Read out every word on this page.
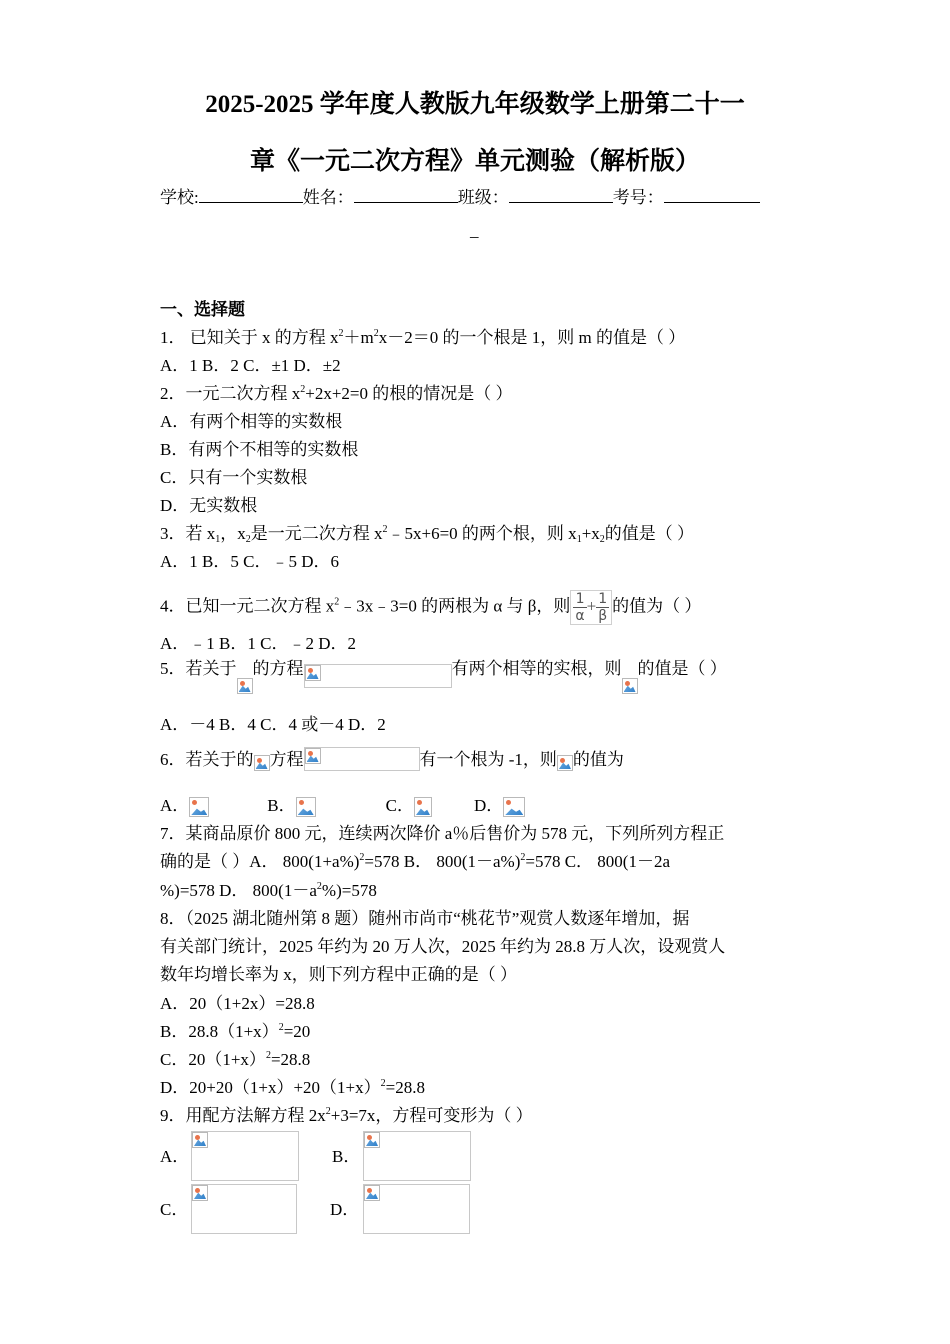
2025-2025 学年度人教版九年级数学上册第二十一
章《一元二次方程》单元测验（解析版）
学校:	姓名：	班级：	考号：
_
一、选择题
1． 已知关于 x 的方程 $x^2+m^2x-2=0$ 的一个根是 1，则 m 的值是（ ）
A．1 B．2 C．±1 D．±2
2．一元二次方程 $x^2+2x+2=0$ 的根的情况是（ ）
A．有两个相等的实数根
B．有两个不相等的实数根
C．只有一个实数根
D．无实数根
3．若 $x_1$，$x_2$是一元二次方程 $x^2﹣5x+6=0$ 的两个根，则 $x_1+x_2$的值是（ ）
A．1 B．5 C．﹣5 D．6
4．已知一元二次方程 $x^2﹣3x﹣3=0$ 的两根为 α 与 β，则 $\frac{1}{\alpha} + \frac{1}{\beta}$ 的值为（ ）
A．﹣1 B．1 C．﹣2 D．2
5．若关于 的方程	有两个相等的实根，则 的值是（ ）
A．－4 B．4 C．4 或－4 D．2
6．若关于的 方程	有一个根为 -1，则 的值为
A．	B．	C．	D．
7．某商品原价 800 元，连续两次降价 a％后售价为 578 元，下列所列方程正
确的是（ ）A． $800(1+a\%)^2=578$ B． $800(1-a\%)^2=578$ C． 800(1－2a
%)=578 D． $800(1-a^2\%)=578$
8．（2025 湖北随州第 8 题）随州市尚市“桃花节”观赏人数逐年增加，据
有关部门统计，2025 年约为 20 万人次，2025 年约为 28.8 万人次，设观赏人
数年均增长率为 x，则下列方程中正确的是（ ）
A．20（1+2x）=28.8
B．$28.8(1+x)^2=20$
C．$20(1+x)^2=28.8$
D．$20+20(1+x)+20(1+x)^2=28.8$
9．用配方法解方程 $2x^2+3=7x$，方程可变形为（ ）
A．	B．
C．	D．
